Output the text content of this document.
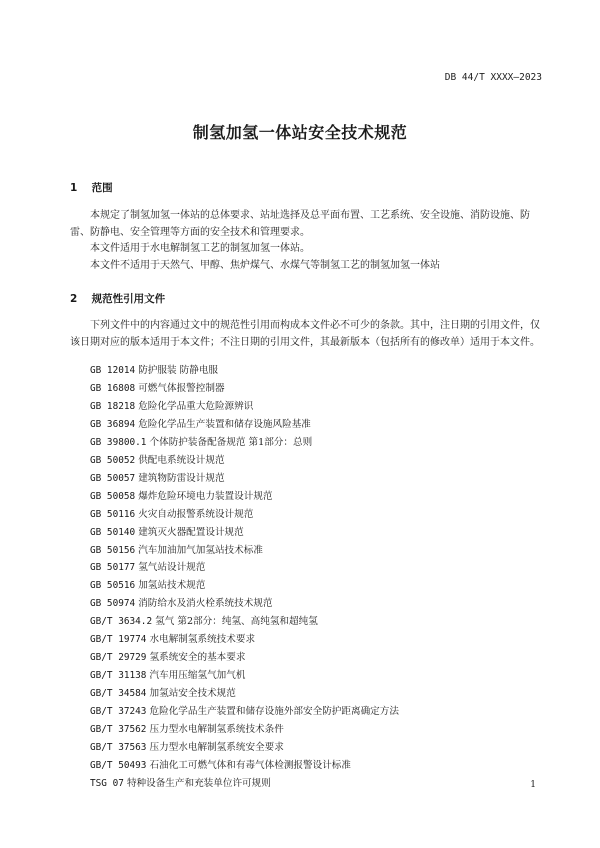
DB 44/T XXXX—2023
制氢加氢一体站安全技术规范
1 范围

本规定了制氢加氢一体站的总体要求、站址选择及总平面布置、工艺系统、安全设施、消防设施、防雷、防静电、安全管理等方面的安全技术和管理要求。

本文件适用于水电解制氢工艺的制氢加氢一体站。

本文件不适用于天然气、甲醇、焦炉煤气、水煤气等制氢工艺的制氢加氢一体站

2 规范性引用文件

下列文件中的内容通过文中的规范性引用而构成本文件必不可少的条款。其中，注日期的引用文件，仅该日期对应的版本适用于本文件；不注日期的引用文件，其最新版本（包括所有的修改单）适用于本文件。

GB 12014 防护服装 防静电服
GB 16808 可燃气体报警控制器
GB 18218 危险化学品重大危险源辨识
GB 36894 危险化学品生产装置和储存设施风险基准
GB 39800.1 个体防护装备配备规范 第1部分：总则
GB 50052 供配电系统设计规范
GB 50057 建筑物防雷设计规范
GB 50058 爆炸危险环境电力装置设计规范
GB 50116 火灾自动报警系统设计规范
GB 50140 建筑灭火器配置设计规范
GB 50156 汽车加油加气加氢站技术标准
GB 50177 氢气站设计规范
GB 50516 加氢站技术规范
GB 50974 消防给水及消火栓系统技术规范
GB/T 3634.2 氢气 第2部分：纯氢、高纯氢和超纯氢
GB/T 19774 水电解制氢系统技术要求
GB/T 29729 氢系统安全的基本要求
GB/T 31138 汽车用压缩氢气加气机
GB/T 34584 加氢站安全技术规范
GB/T 37243 危险化学品生产装置和储存设施外部安全防护距离确定方法
GB/T 37562 压力型水电解制氢系统技术条件
GB/T 37563 压力型水电解制氢系统安全要求
GB/T 50493 石油化工可燃气体和有毒气体检测报警设计标准
TSG 07 特种设备生产和充装单位许可规则	1
